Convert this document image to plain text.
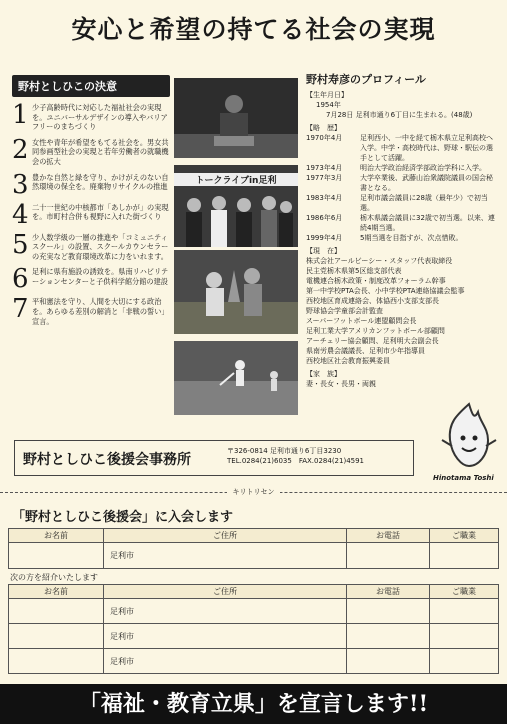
安心と希望の持てる社会の実現
野村としひこの決意
1 少子高齢時代に対応した福祉社会の実現を。ユニバーサルデザインの導入やバリアフリーのまちづくり
2 女性や青年が希望をもてる社会を。男女共同参画型社会の実現と若年労働者の就職機会の拡大
3 豊かな自然と緑を守り、かけがえのない自然環境の保全を。廃棄物リサイクルの推進
4 二十一世紀の中核都市「あしかが」の実現を。市町村合併も視野に入れた街づくり
5 少人数学級の一層の推進や「コミュニティスクール」の設置、スクールカウンセラーの充実など教育環境改革に力をいれます。
6 足利に県有施設の誘致を。県南リハビリテーションセンターと子供科学館分館の建設
7 平和憲法を守り、人間を大切にする政治を。あらゆる差別の解消と「非戦の誓い」宣言。
トークライブin足利

野村寿彦のプロフィール
【生年月日】
1954年
7月28日 足利市通り6丁目に生まれる。(48歳)
【略　歴】
1970年4月	足利西小、一中を経て栃木県立足利高校へ入学。中学・高校時代は、野球・駅伝の選手として活躍。
1973年4月	明治大学政治経済学部政治学科に入学。
1977年3月	大学卒業後、武藤山治衆議院議員の国会秘書となる。
1983年4月	足利市議会議員に28歳（最年少）で初当選。
1986年6月	栃木県議会議員に32歳で初当選。以来、連続4期当選。
1999年4月	5期当選を目指すが、次点惜敗。
【現　在】
株式会社アールビーシー・スタッフ代表取締役
民主党栃木県第5区総支部代表
電機連合栃木政策・制度改革フォーラム幹事
第一中学校PTA会長、小中学校PTA連絡協議会監事
西校地区育成連絡会、体協西小支部支部長
野球協会学童部会計監査
スーパーフットボール連盟顧問会長
足利工業大学アメリカンフットボール部顧問
アーチェリー協会顧問、足利明大会副会長
県南労農会議議長、足利市少年指導員
西校地区社会教育振興委員
【家　族】
妻・長女・長男・両親
Hinotama Toshi
野村としひこ後援会事務所
〒326-0814 足利市通り6丁目3230
TEL.0284(21)6035　FAX.0284(21)4591
キリトリセン
「野村としひこ後援会」に入会します
お名前	ご住所	お電話	ご職業
	足利市		
次の方を紹介いたします
お名前	ご住所	お電話	ご職業
	足利市		
	足利市		
	足利市		
「福祉・教育立県」を宣言します!!
